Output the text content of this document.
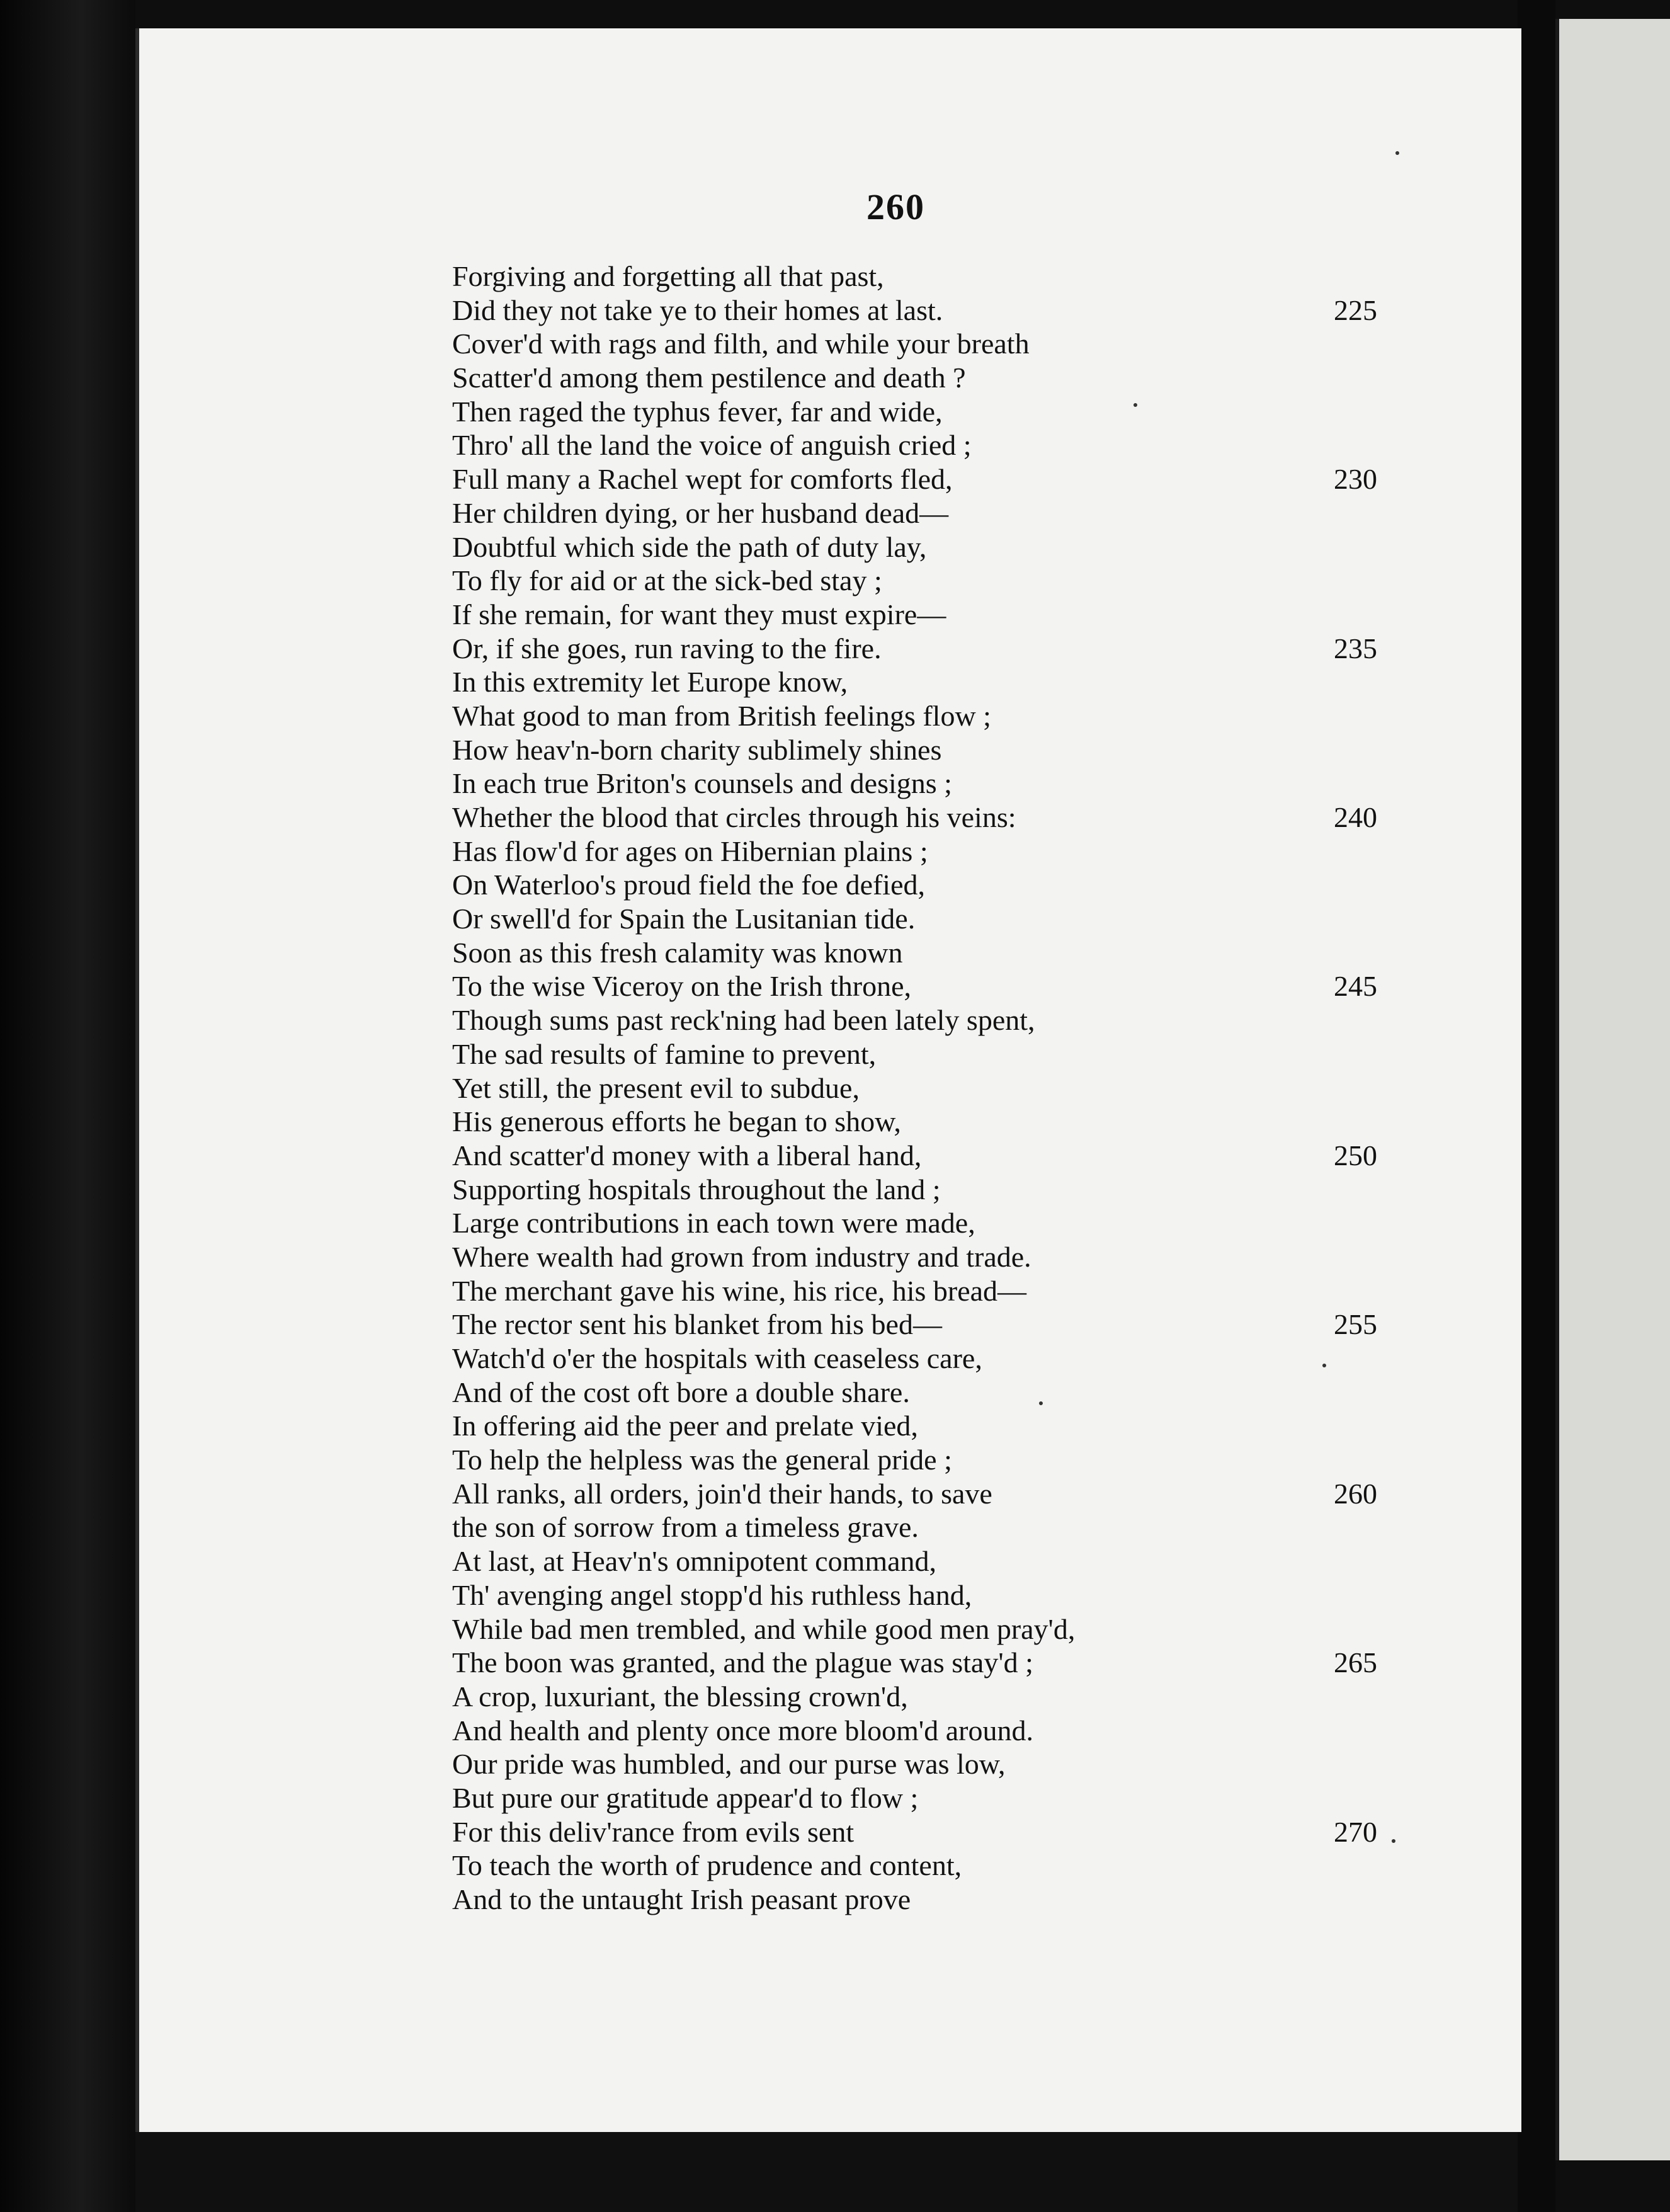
260
Forgiving and forgetting all that past,
Did they not take ye to their homes at last.	225
Cover'd with rags and filth, and while your breath
Scatter'd among them pestilence and death ?
Then raged the typhus fever, far and wide,
Thro' all the land the voice of anguish cried ;
Full many a Rachel wept for comforts fled,	230
Her children dying, or her husband dead—
Doubtful which side the path of duty lay,
To fly for aid or at the sick-bed stay ;
If she remain, for want they must expire—
Or, if she goes, run raving to the fire.	235
In this extremity let Europe know,
What good to man from British feelings flow ;
How heav'n-born charity sublimely shines
In each true Briton's counsels and designs ;
Whether the blood that circles through his veins:	240
Has flow'd for ages on Hibernian plains ;
On Waterloo's proud field the foe defied,
Or swell'd for Spain the Lusitanian tide.
Soon as this fresh calamity was known
To the wise Viceroy on the Irish throne,	245
Though sums past reck'ning had been lately spent,
The sad results of famine to prevent,
Yet still, the present evil to subdue,
His generous efforts he began to show,
And scatter'd money with a liberal hand,	250
Supporting hospitals throughout the land ;
Large contributions in each town were made,
Where wealth had grown from industry and trade.
The merchant gave his wine, his rice, his bread—
The rector sent his blanket from his bed—	255
Watch'd o'er the hospitals with ceaseless care,
And of the cost oft bore a double share.
In offering aid the peer and prelate vied,
To help the helpless was the general pride ;
All ranks, all orders, join'd their hands, to save	260
the son of sorrow from a timeless grave.
At last, at Heav'n's omnipotent command,
Th' avenging angel stopp'd his ruthless hand,
While bad men trembled, and while good men pray'd,
The boon was granted, and the plague was stay'd ;	265
A crop, luxuriant, the blessing crown'd,
And health and plenty once more bloom'd around.
Our pride was humbled, and our purse was low,
But pure our gratitude appear'd to flow ;
For this deliv'rance from evils sent	270
To teach the worth of prudence and content,
And to the untaught Irish peasant prove
